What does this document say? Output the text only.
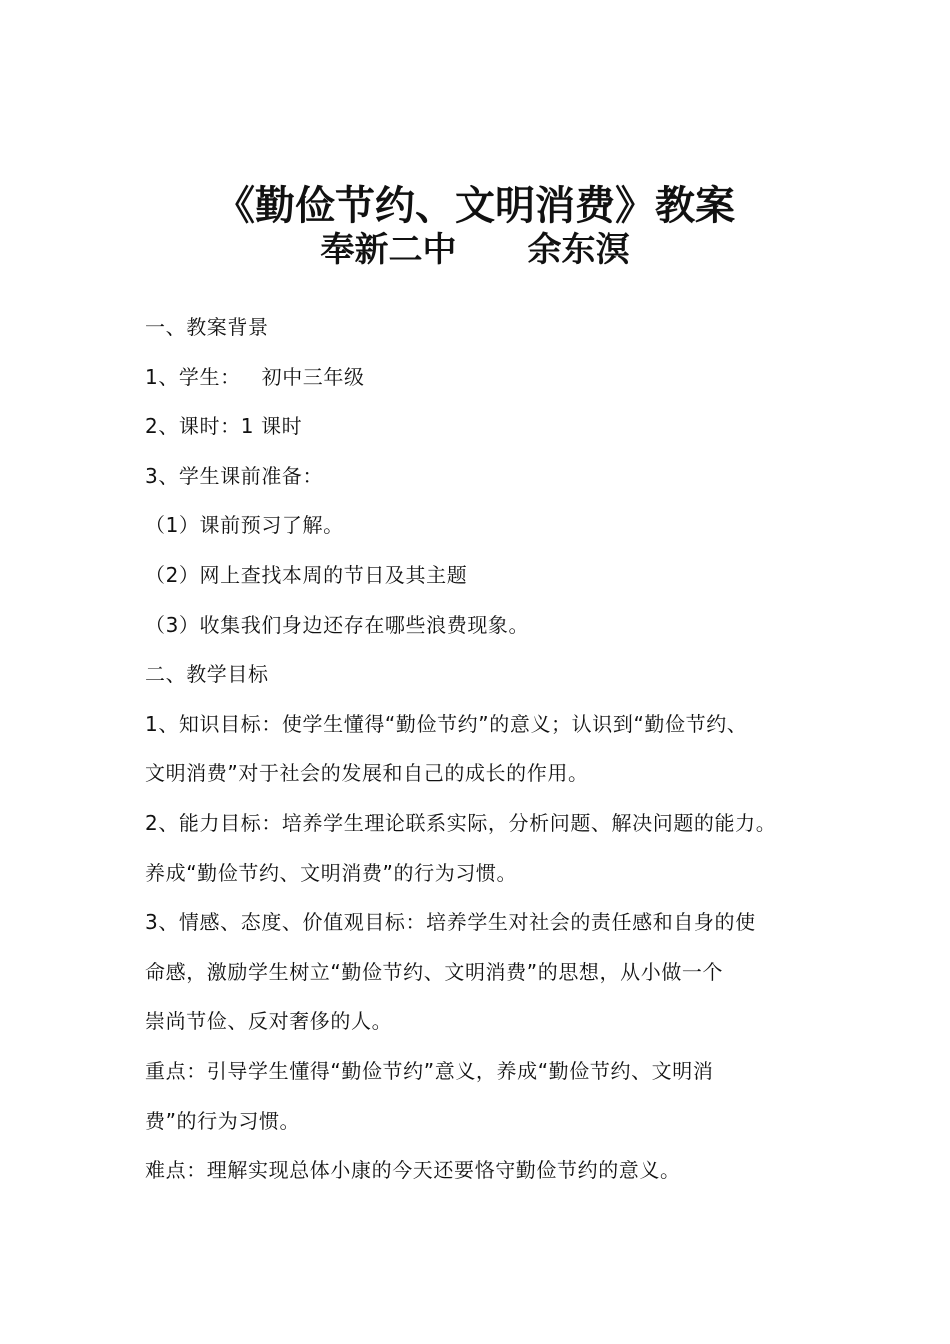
《勤俭节约、文明消费》教案
奉新二中      余东溟
一、教案背景
1、学生：   初中三年级
2、课时：1 课时
3、学生课前准备：
（1）课前预习了解。
（2）网上查找本周的节日及其主题
（3）收集我们身边还存在哪些浪费现象。
二、教学目标
1、知识目标：使学生懂得“勤俭节约”的意义；认识到“勤俭节约、
文明消费”对于社会的发展和自己的成长的作用。
2、能力目标：培养学生理论联系实际，分析问题、解决问题的能力。
养成“勤俭节约、文明消费”的行为习惯。
3、情感、态度、价值观目标：培养学生对社会的责任感和自身的使
命感，激励学生树立“勤俭节约、文明消费”的思想，从小做一个
崇尚节俭、反对奢侈的人。
重点：引导学生懂得“勤俭节约”意义，养成“勤俭节约、文明消
费”的行为习惯。
难点：理解实现总体小康的今天还要恪守勤俭节约的意义。
